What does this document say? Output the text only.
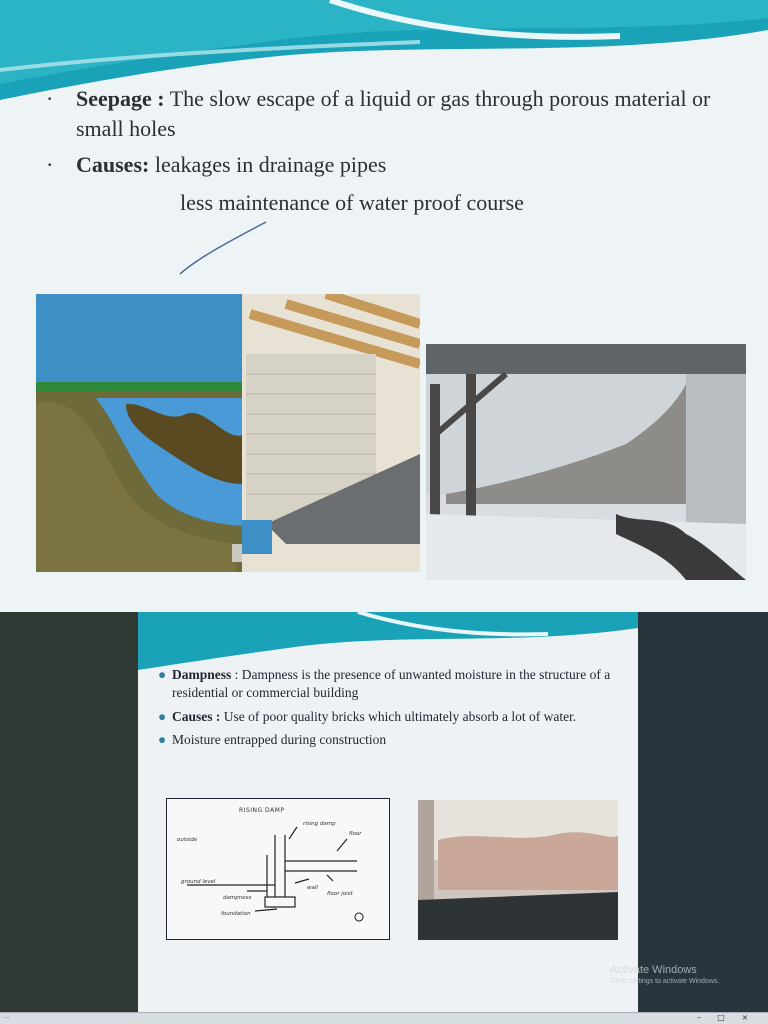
· Seepage : The slow escape of a liquid or gas through porous material or small holes
· Causes: leakages in drainage pipes
less maintenance of water proof course
● Dampness : Dampness is the presence of unwanted moisture in the structure of a residential or commercial building
● Causes : Use of poor quality bricks which ultimately absorb a lot of water.
● Moisture entrapped during construction
RISING DAMP
outside
rising damp
floor
ground level
wall
dampness
floor joist
foundation
Activate Windows
Go to settings to activate Windows.
...	–	□	×
